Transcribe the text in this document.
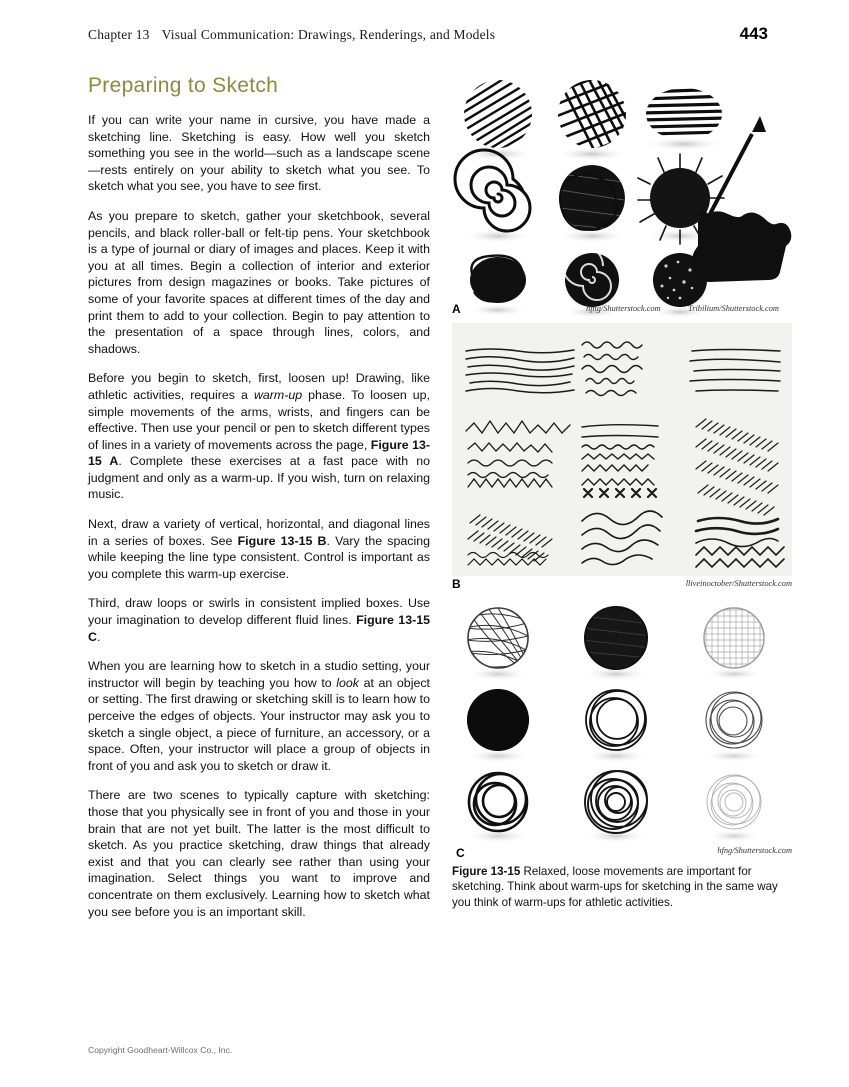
Chapter 13 Visual Communication: Drawings, Renderings, and Models	443
Preparing to Sketch

If you can write your name in cursive, you have made a sketching line. Sketching is easy. How well you sketch something you see in the world—such as a landscape scene—rests entirely on your ability to sketch what you see. To sketch what you see, you have to see first.

As you prepare to sketch, gather your sketchbook, several pencils, and black roller-ball or felt-tip pens. Your sketchbook is a type of journal or diary of images and places. Keep it with you at all times. Begin a collection of interior and exterior pictures from design magazines or books. Take pictures of some of your favorite spaces at different times of the day and print them to add to your collection. Begin to pay attention to the presentation of a space through lines, colors, and shadows.

Before you begin to sketch, first, loosen up! Drawing, like athletic activities, requires a warm-up phase. To loosen up, simple movements of the arms, wrists, and fingers can be effective. Then use your pencil or pen to sketch different types of lines in a variety of movements across the page, Figure 13-15 A. Complete these exercises at a fast pace with no judgment and only as a warm-up. If you wish, turn on relaxing music.

Next, draw a variety of vertical, horizontal, and diagonal lines in a series of boxes. See Figure 13-15 B. Vary the spacing while keeping the line type consistent. Control is important as you complete this warm-up exercise.

Third, draw loops or swirls in consistent implied boxes. Use your imagination to develop different fluid lines. Figure 13-15 C.

When you are learning how to sketch in a studio setting, your instructor will begin by teaching you how to look at an object or setting. The first drawing or sketching skill is to learn how to perceive the edges of objects. Your instructor may ask you to sketch a single object, a piece of furniture, an accessory, or a space. Often, your instructor will place a group of objects in front of you and ask you to sketch or draw it.

There are two scenes to typically capture with sketching: those that you physically see in front of you and those in your brain that are not yet built. The latter is the most difficult to sketch. As you practice sketching, draw things that already exist and that you can clearly see rather than using your imagination. Select things you want to improve and concentrate on them exclusively. Learning how to sketch what you see before you is an important skill.

A	hfng/Shutterstock.com	Tribilium/Shutterstock.com
B	lliveinoctober/Shutterstock.com
C	hfng/Shutterstock.com
Figure 13-15 Relaxed, loose movements are important for sketching. Think about warm-ups for sketching in the same way you think of warm-ups for athletic activities.
Copyright Goodheart-Willcox Co., Inc.
